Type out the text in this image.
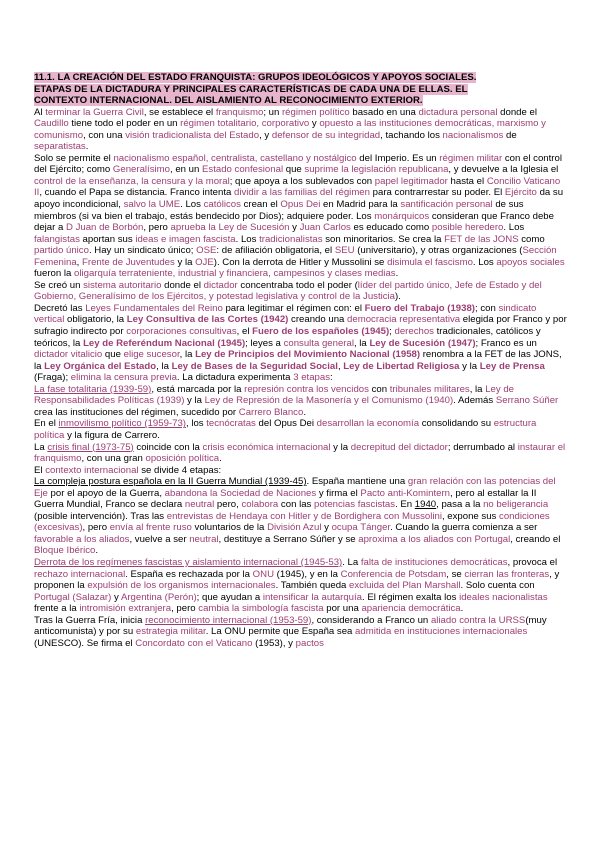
11.1. LA CREACIÓN DEL ESTADO FRANQUISTA: GRUPOS IDEOLÓGICOS Y APOYOS SOCIALES.
ETAPAS DE LA DICTADURA Y PRINCIPALES CARACTERÍSTICAS DE CADA UNA DE ELLAS. EL
CONTEXTO INTERNACIONAL. DEL AISLAMIENTO AL RECONOCIMIENTO EXTERIOR.

Al terminar la Guerra Civil, se establece el franquismo; un régimen político basado en una dictadura personal donde el Caudillo tiene todo el poder en un régimen totalitario, corporativo y opuesto a las instituciones democráticas, marxismo y comunismo, con una visión tradicionalista del Estado, y defensor de su integridad, tachando los nacionalismos de separatistas.

Solo se permite el nacionalismo español, centralista, castellano y nostálgico del Imperio. Es un régimen militar con el control del Ejército; como Generalísimo, en un Estado confesional que suprime la legislación republicana, y devuelve a la Iglesia el control de la enseñanza, la censura y la moral; que apoya a los sublevados con papel legitimador hasta el Concilio Vaticano II, cuando el Papa se distancia. Franco intenta dividir a las familias del régimen para contrarrestar su poder. El Ejército da su apoyo incondicional, salvo la UME. Los católicos crean el Opus Dei en Madrid para la santificación personal de sus miembros (si va bien el trabajo, estás bendecido por Dios); adquiere poder. Los monárquicos consideran que Franco debe dejar a D Juan de Borbón, pero aprueba la Ley de Sucesión y Juan Carlos es educado como posible heredero. Los falangistas aportan sus ideas e imagen fascista. Los tradicionalistas son minoritarios. Se crea la FET de las JONS como partido único. Hay un sindicato único; OSE: de afiliación obligatoria, el SEU (universitario), y otras organizaciones (Sección Femenina, Frente de Juventudes y la OJE). Con la derrota de Hitler y Mussolini se disimula el fascismo. Los apoyos sociales fueron la oligarquía terrateniente, industrial y financiera, campesinos y clases medias.

Se creó un sistema autoritario donde el dictador concentraba todo el poder (líder del partido único, Jefe de Estado y del Gobierno, Generalísimo de los Ejércitos, y potestad legislativa y control de la Justicia).

Decretó las Leyes Fundamentales del Reino para legitimar el régimen con: el Fuero del Trabajo (1938); con sindicato vertical obligatorio, la Ley Consultiva de las Cortes (1942) creando una democracia representativa elegida por Franco y por sufragio indirecto por corporaciones consultivas, el Fuero de los españoles (1945); derechos tradicionales, católicos y teóricos, la Ley de Referéndum Nacional (1945); leyes a consulta general, la Ley de Sucesión (1947); Franco es un dictador vitalicio que elige sucesor, la Ley de Principios del Movimiento Nacional (1958) renombra a la FET de las JONS, la Ley Orgánica del Estado, la Ley de Bases de la Seguridad Social, Ley de Libertad Religiosa y la Ley de Prensa (Fraga); elimina la censura previa. La dictadura experimenta 3 etapas:

La fase totalitaria (1939-59), está marcada por la represión contra los vencidos con tribunales militares, la Ley de Responsabilidades Políticas (1939) y la Ley de Represión de la Masonería y el Comunismo (1940). Además Serrano Súñer crea las instituciones del régimen, sucedido por Carrero Blanco.

En el inmovilismo político (1959-73), los tecnócratas del Opus Dei desarrollan la economía consolidando su estructura política y la figura de Carrero.

La crisis final (1973-75) coincide con la crisis económica internacional y la decrepitud del dictador; derrumbado al instaurar el franquismo, con una gran oposición política.

El contexto internacional se divide 4 etapas:

La compleja postura española en la II Guerra Mundial (1939-45). España mantiene una gran relación con las potencias del Eje por el apoyo de la Guerra, abandona la Sociedad de Naciones y firma el Pacto anti-Komintern, pero al estallar la II Guerra Mundial, Franco se declara neutral pero, colabora con las potencias fascistas. En 1940, pasa a la no beligerancia (posible intervención). Tras las entrevistas de Hendaya con Hitler y de Bordighera con Mussolini, expone sus condiciones (excesivas), pero envía al frente ruso voluntarios de la División Azul y ocupa Tánger. Cuando la guerra comienza a ser favorable a los aliados, vuelve a ser neutral, destituye a Serrano Súñer y se aproxima a los aliados con Portugal, creando el Bloque Ibérico.

Derrota de los regímenes fascistas y aislamiento internacional (1945-53). La falta de instituciones democráticas, provoca el rechazo internacional. España es rechazada por la ONU (1945), y en la Conferencia de Potsdam, se cierran las fronteras, y proponen la expulsión de los organismos internacionales. También queda excluida del Plan Marshall. Solo cuenta con Portugal (Salazar) y Argentina (Perón); que ayudan a intensificar la autarquía. El régimen exalta los ideales nacionalistas frente a la intromisión extranjera, pero cambia la simbología fascista por una apariencia democrática.

Tras la Guerra Fría, inicia reconocimiento internacional (1953-59), considerando a Franco un aliado contra la URSS(muy anticomunista) y por su estrategia militar. La ONU permite que España sea admitida en instituciones internacionales (UNESCO). Se firma el Concordato con el Vaticano (1953), y pactos
